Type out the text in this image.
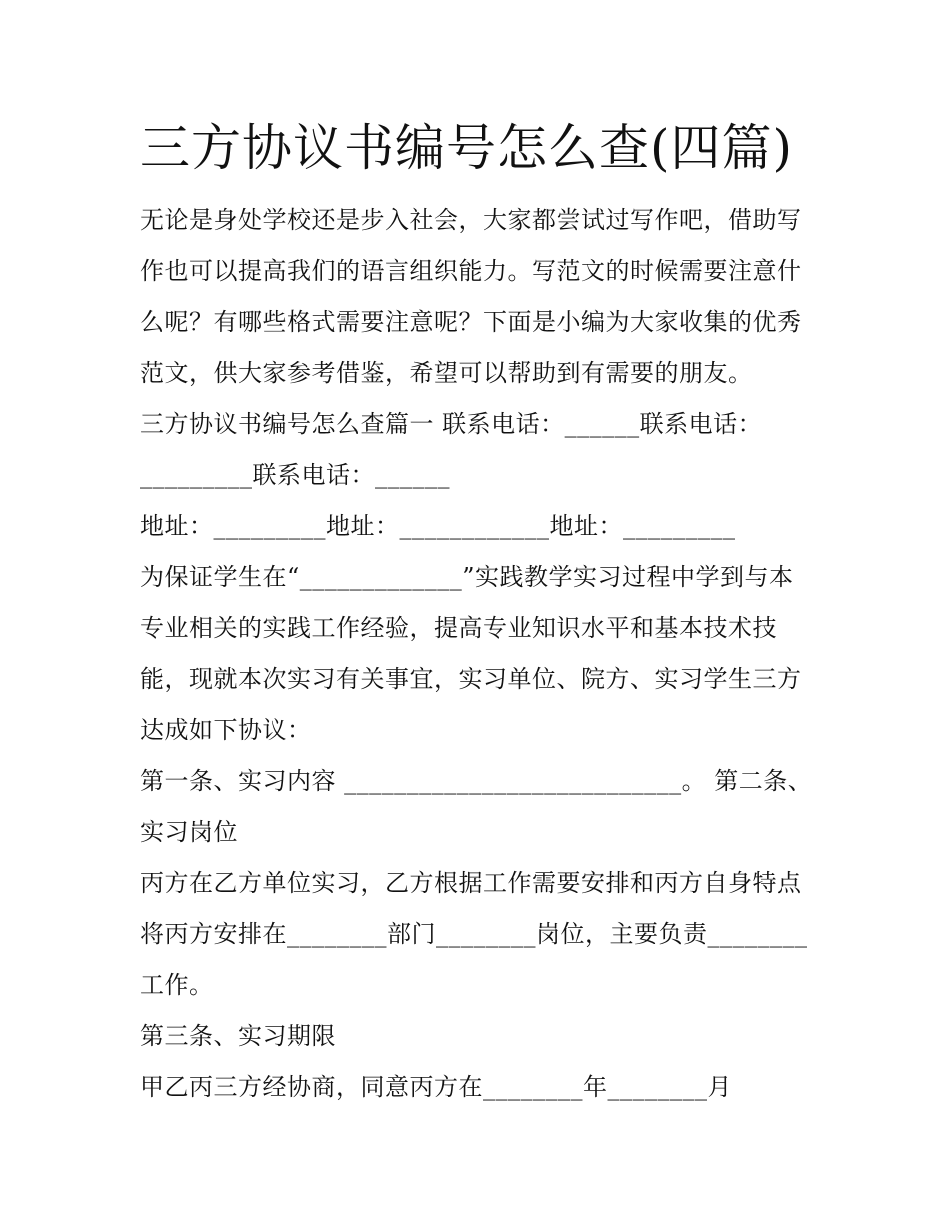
三方协议书编号怎么查(四篇)
无论是身处学校还是步入社会，大家都尝试过写作吧，借助写
作也可以提高我们的语言组织能力。写范文的时候需要注意什
么呢？有哪些格式需要注意呢？下面是小编为大家收集的优秀
范文，供大家参考借鉴，希望可以帮助到有需要的朋友。
三方协议书编号怎么查篇一 联系电话：______联系电话：
_________联系电话：______
地址：_________地址：____________地址：_________
为保证学生在“_____________”实践教学实习过程中学到与本
专业相关的实践工作经验，提高专业知识水平和基本技术技
能，现就本次实习有关事宜，实习单位、院方、实习学生三方
达成如下协议：
第一条、实习内容 ___________________________。 第二条、
实习岗位
丙方在乙方单位实习，乙方根据工作需要安排和丙方自身特点
将丙方安排在________部门________岗位，主要负责________
工作。
第三条、实习期限
甲乙丙三方经协商，同意丙方在________年________月
